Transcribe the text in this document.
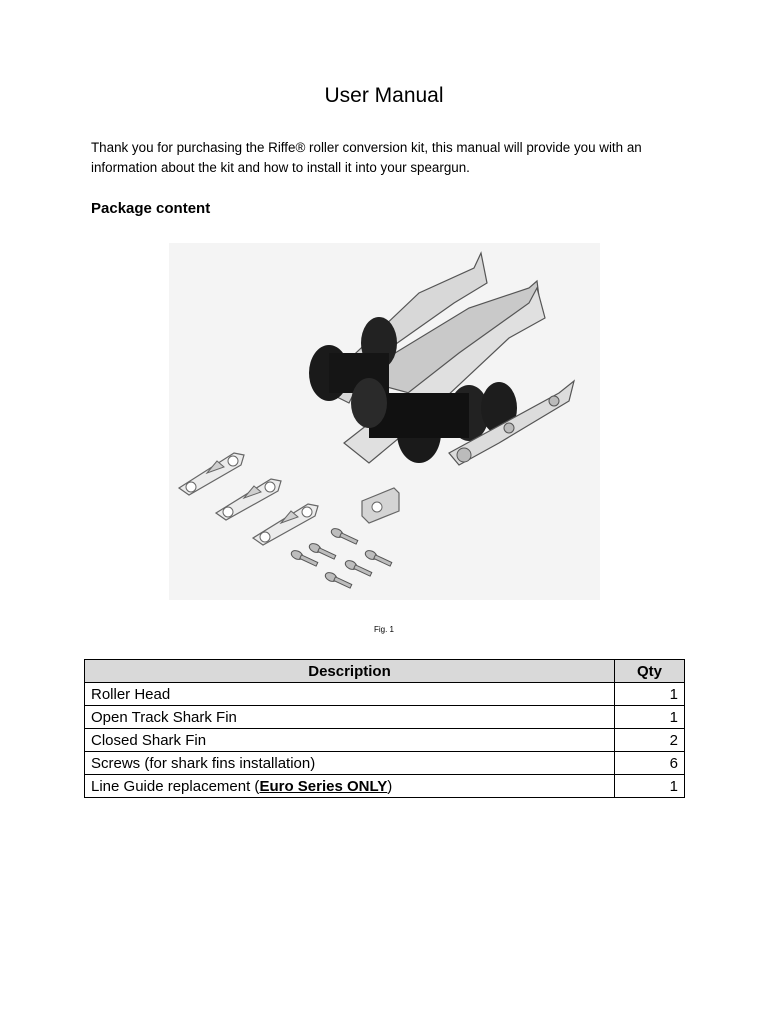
User Manual
Thank you for purchasing the Riffe® roller conversion kit, this manual will provide you with an information about the kit and how to install it into your speargun.
Package content
Fig. 1
Description	Qty
Roller Head	1
Open Track Shark Fin	1
Closed Shark Fin	2
Screws (for shark fins installation)	6
Line Guide replacement (Euro Series ONLY)	1
